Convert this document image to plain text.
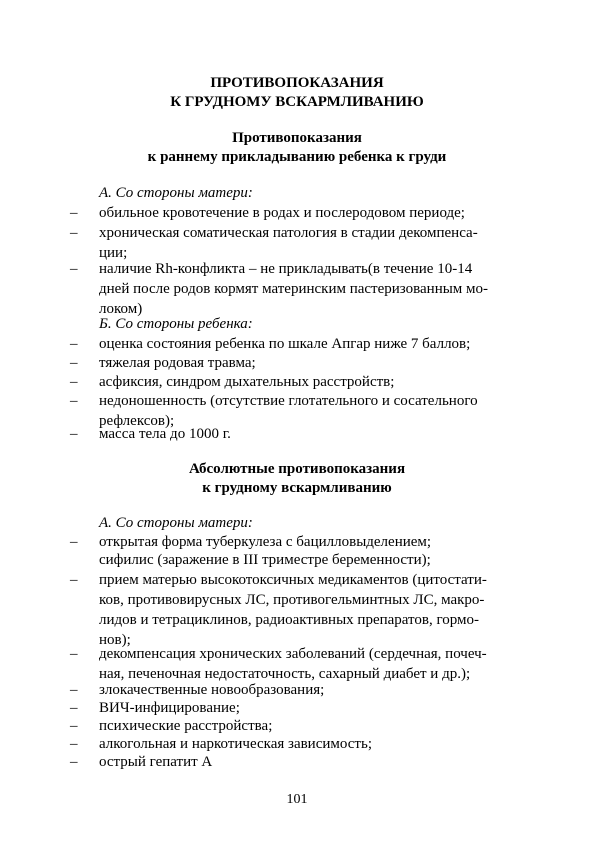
ПРОТИВОПОКАЗАНИЯ
К ГРУДНОМУ ВСКАРМЛИВАНИЮ
Противопоказания
к раннему прикладыванию ребенка к груди
А. Со стороны матери:
– обильное кровотечение в родах и послеродовом периоде;
– хроническая соматическая патология в стадии декомпенса-
ции;
– наличие Rh-конфликта – не прикладывать(в течение 10-14
дней после родов кормят материнским пастеризованным мо-
локом)
Б. Со стороны ребенка:
– оценка состояния ребенка по шкале Апгар ниже 7 баллов;
– тяжелая родовая травма;
– асфиксия, синдром дыхательных расстройств;
– недоношенность (отсутствие глотательного и сосательного
рефлексов);
– масса тела до 1000 г.
Абсолютные противопоказания
к грудному вскармливанию
А. Со стороны матери:
– открытая форма туберкулеза с бацилловыделением;
сифилис (заражение в III триместре беременности);
– прием матерью высокотоксичных медикаментов (цитостати-
ков, противовирусных ЛС, противогельминтных ЛС, макро-
лидов и тетрациклинов, радиоактивных препаратов, гормо-
нов);
– декомпенсация хронических заболеваний (сердечная, почеч-
ная, печеночная недостаточность, сахарный диабет и др.);
– злокачественные новообразования;
– ВИЧ-инфицирование;
– психические расстройства;
– алкогольная и наркотическая зависимость;
– острый гепатит А
101
